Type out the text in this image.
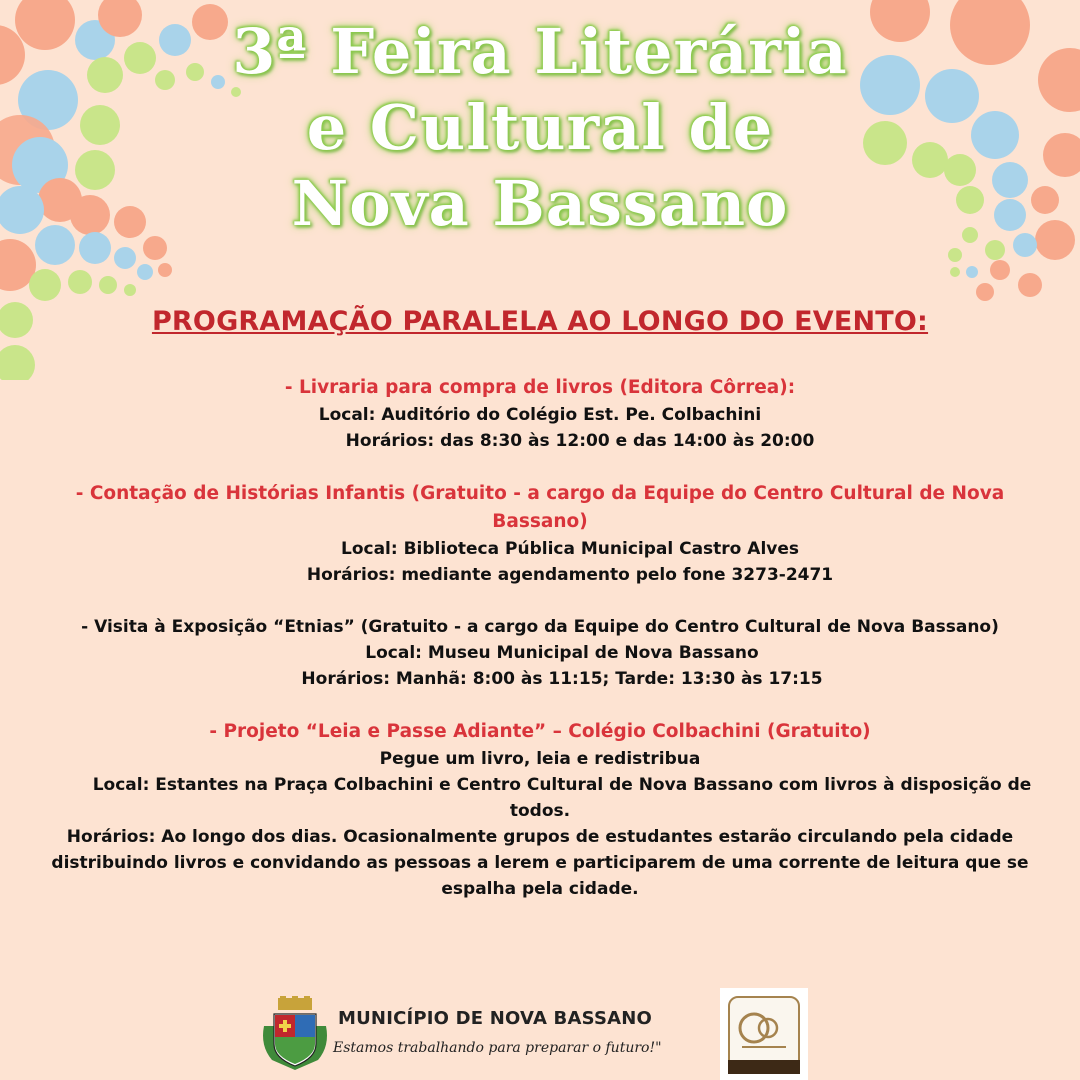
3ª Feira Literária
e Cultural de
Nova Bassano
PROGRAMAÇÃO PARALELA AO LONGO DO EVENTO:
- Livraria para compra de livros (Editora Côrrea):
Local: Auditório do Colégio Est. Pe. Colbachini
Horários: das 8:30 às 12:00 e das 14:00 às 20:00
- Contação de Histórias Infantis (Gratuito - a cargo da Equipe do Centro Cultural de Nova
Bassano)
Local: Biblioteca Pública Municipal Castro Alves
Horários: mediante agendamento pelo fone 3273-2471
- Visita à Exposição “Etnias” (Gratuito - a cargo da Equipe do Centro Cultural de Nova Bassano)
Local: Museu Municipal de Nova Bassano
Horários: Manhã: 8:00 às 11:15; Tarde: 13:30 às 17:15
- Projeto “Leia e Passe Adiante” – Colégio Colbachini (Gratuito)
Pegue um livro, leia e redistribua
Local: Estantes na Praça Colbachini e Centro Cultural de Nova Bassano com livros à disposição de
todos.
Horários: Ao longo dos dias. Ocasionalmente grupos de estudantes estarão circulando pela cidade
distribuindo livros e convidando as pessoas a lerem e participarem de uma corrente de leitura que se
espalha pela cidade.
MUNICÍPIO DE NOVA BASSANO
Estamos trabalhando para preparar o futuro!"
